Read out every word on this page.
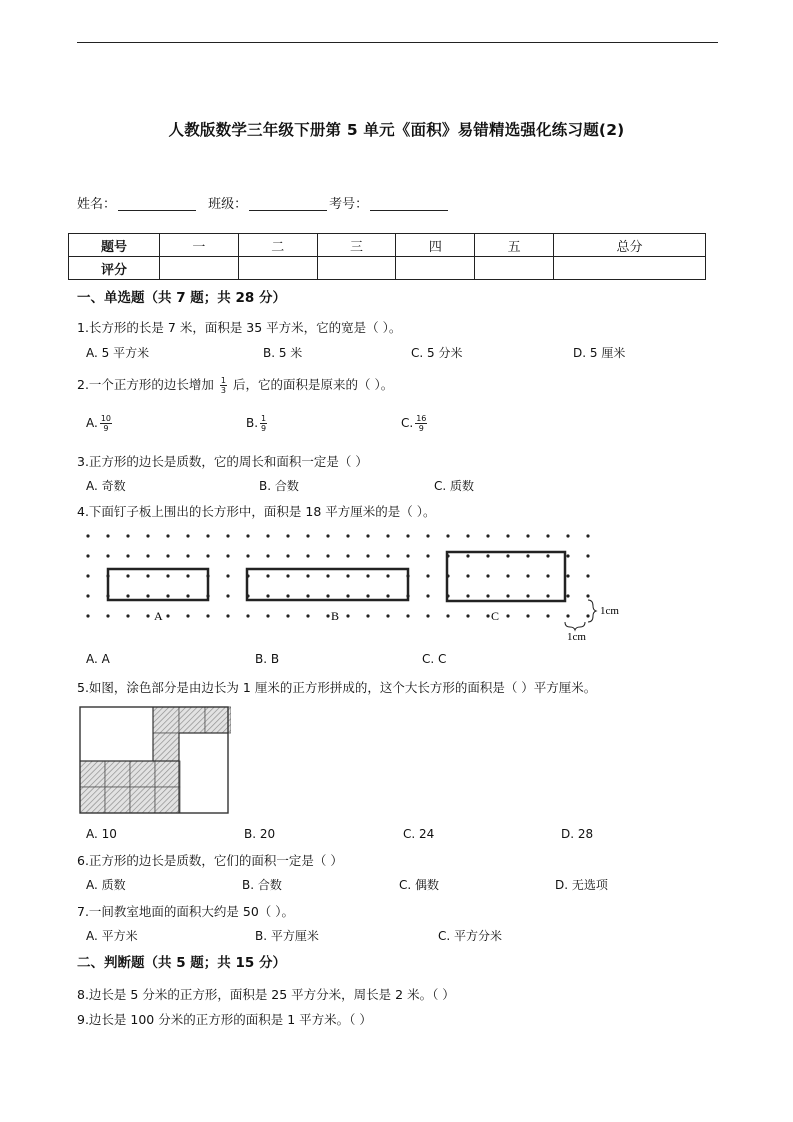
人教版数学三年级下册第 5 单元《面积》易错精选强化练习题(2)
姓名：	班级：	考号：
题号	一	二	三	四	五	总分
评分						
一、单选题（共 7 题；共 28 分）
1.长方形的长是 7 米，面积是 35 平方米，它的宽是（ ）。
A. 5 平方米	B. 5 米	C. 5 分米	D. 5 厘米
2.一个正方形的边长增加 $\frac{1}{3}$ 后，它的面积是原来的（ ）。
A. $\frac{10}{9}$	B. $\frac{1}{9}$	C. $\frac{16}{9}$
3.正方形的边长是质数，它的周长和面积一定是（ ）
A. 奇数	B. 合数	C. 质数
4.下面钉子板上围出的长方形中，面积是 18 平方厘米的是（ ）。
A	B	C	1cm
1cm
A. A	B. B	C. C
5.如图，涂色部分是由边长为 1 厘米的正方形拼成的，这个大长方形的面积是（ ）平方厘米。
A. 10	B. 20	C. 24	D. 28
6.正方形的边长是质数，它们的面积一定是（ ）
A. 质数	B. 合数	C. 偶数	D. 无选项
7.一间教室地面的面积大约是 50（ ）。
A. 平方米	B. 平方厘米	C. 平方分米
二、判断题（共 5 题；共 15 分）
8.边长是 5 分米的正方形，面积是 25 平方分米，周长是 2 米。（ ）
9.边长是 100 分米的正方形的面积是 1 平方米。（ ）
